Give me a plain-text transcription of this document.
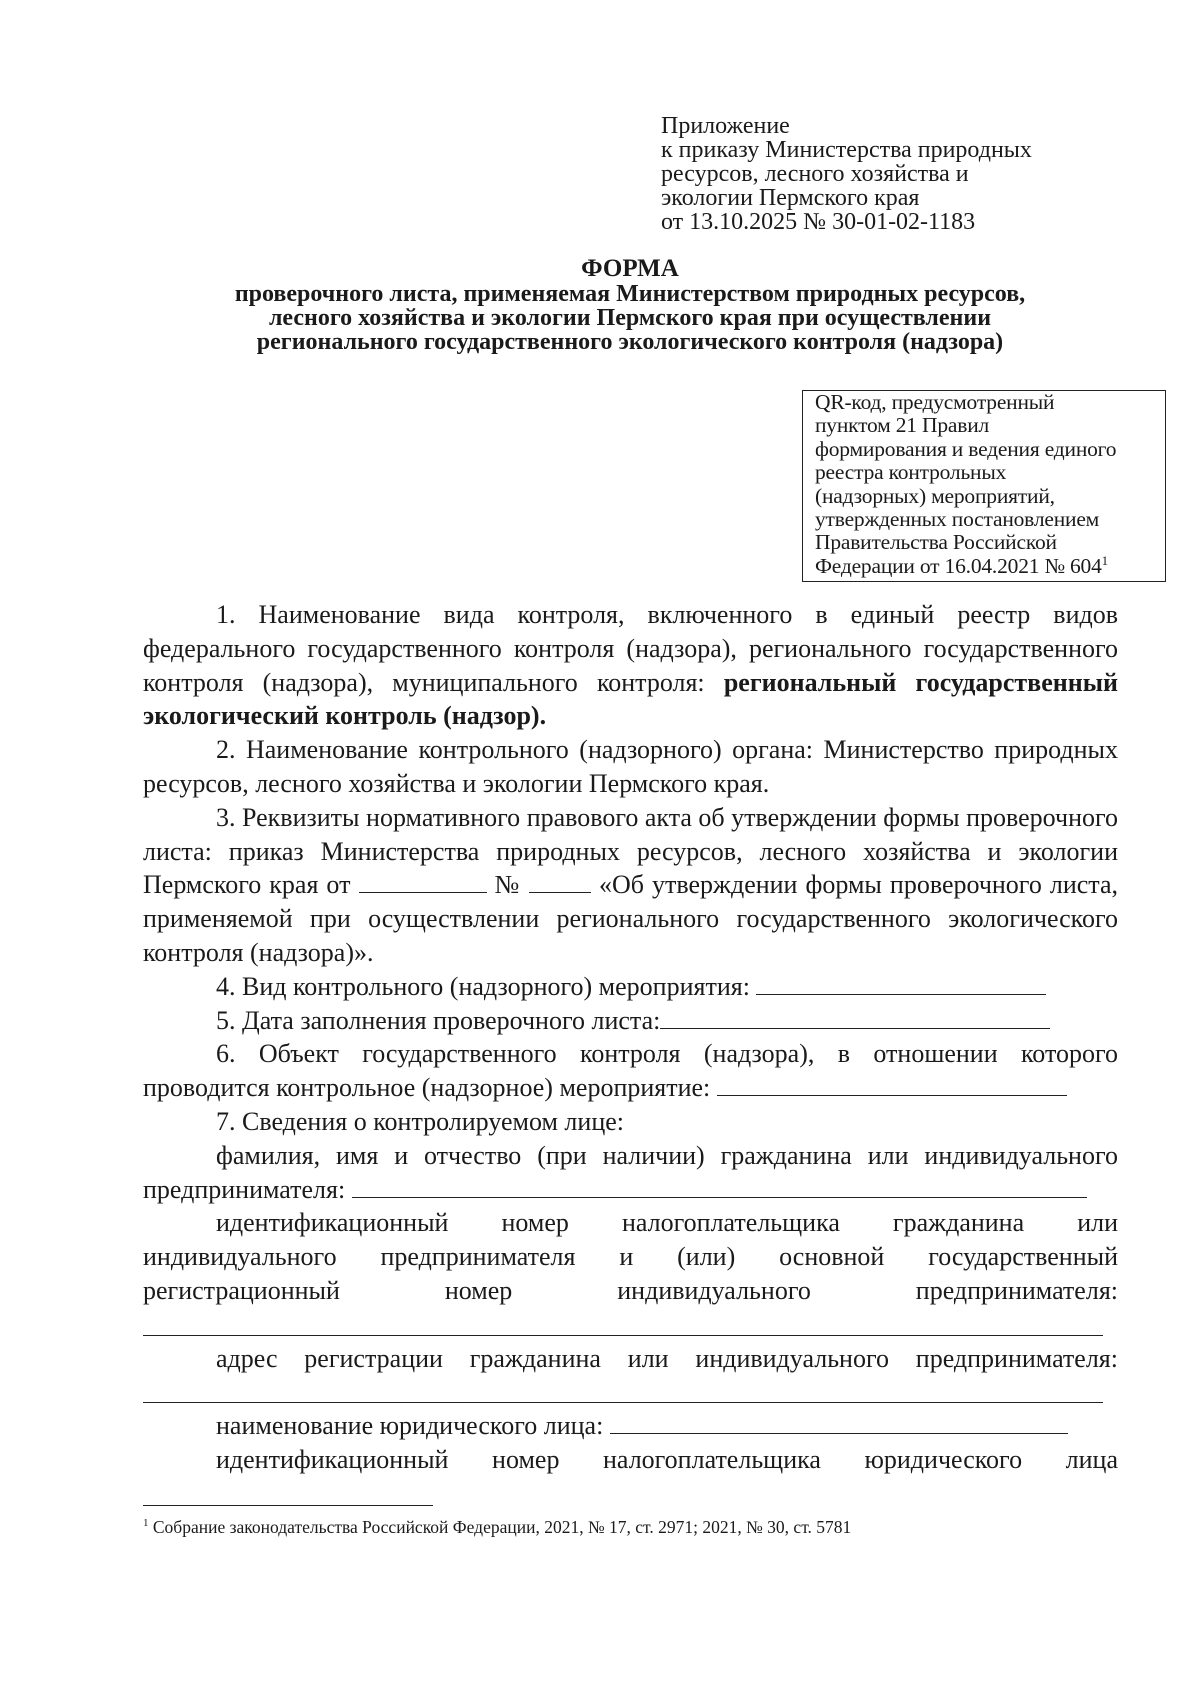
Приложение
к приказу Министерства природных
ресурсов, лесного хозяйства и
экологии Пермского края
от 13.10.2025 № 30-01-02-1183
ФОРМА
проверочного листа, применяемая Министерством природных ресурсов,
лесного хозяйства и экологии Пермского края при осуществлении
регионального государственного экологического контроля (надзора)
QR-код, предусмотренный
пунктом 21 Правил
формирования и ведения единого
реестра контрольных
(надзорных) мероприятий,
утвержденных постановлением
Правительства Российской
Федерации от 16.04.2021 № $604^1$

1. Наименование вида контроля, включенного в единый реестр видов федерального государственного контроля (надзора), регионального государственного контроля (надзора), муниципального контроля: региональный государственный экологический контроль (надзор).

2. Наименование контрольного (надзорного) органа: Министерство природных ресурсов, лесного хозяйства и экологии Пермского края.

3. Реквизиты нормативного правового акта об утверждении формы проверочного листа: приказ Министерства природных ресурсов, лесного хозяйства и экологии Пермского края от	№	«Об утверждении формы проверочного листа, применяемой при осуществлении регионального государственного экологического контроля (надзора)».

4. Вид контрольного (надзорного) мероприятия:

5. Дата заполнения проверочного листа:

6. Объект государственного контроля (надзора), в отношении которого проводится контрольное (надзорное) мероприятие:

7. Сведения о контролируемом лице:

фамилия, имя и отчество (при наличии) гражданина или индивидуального предпринимателя:

идентификационный номер налогоплательщика гражданина или индивидуального предпринимателя и (или) основной государственный регистрационный номер индивидуального предпринимателя:

адрес регистрации гражданина или индивидуального предпринимателя:

наименование юридического лица:

идентификационный номер налогоплательщика юридического лица

$^1$ Собрание законодательства Российской Федерации, 2021, № 17, ст. 2971; 2021, № 30, ст. 5781
